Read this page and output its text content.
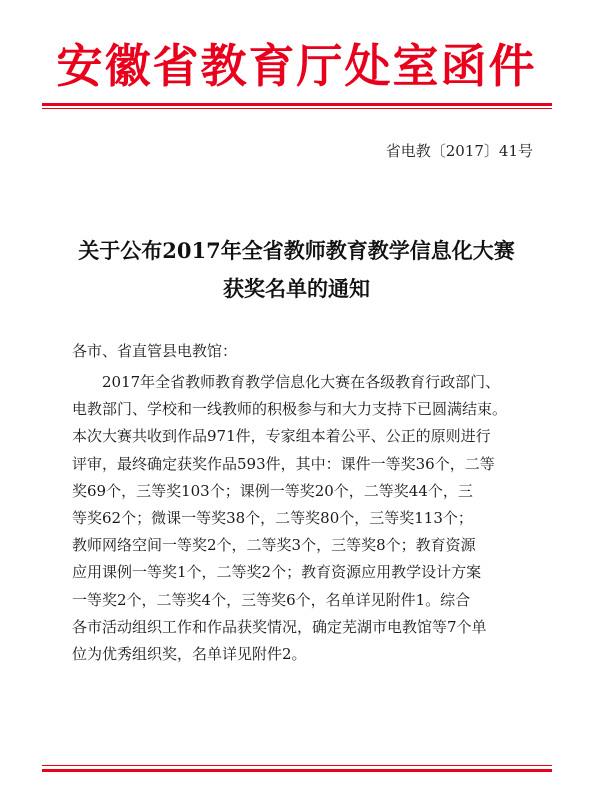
安徽省教育厅处室函件
省电教〔2017〕41号
关于公布2017年全省教师教育教学信息化大赛
获奖名单的通知
各市、省直管县电教馆：
2017年全省教师教育教学信息化大赛在各级教育行政部门、
电教部门、学校和一线教师的积极参与和大力支持下已圆满结束。
本次大赛共收到作品971件，专家组本着公平、公正的原则进行
评审，最终确定获奖作品593件，其中：课件一等奖36个，二等
奖69个，三等奖103个；课例一等奖20个，二等奖44个，三
等奖62个；微课一等奖38个，二等奖80个，三等奖113个；
教师网络空间一等奖2个，二等奖3个，三等奖8个；教育资源
应用课例一等奖1个，二等奖2个；教育资源应用教学设计方案
一等奖2个，二等奖4个，三等奖6个，名单详见附件1。综合
各市活动组织工作和作品获奖情况，确定芜湖市电教馆等7个单
位为优秀组织奖，名单详见附件2。
